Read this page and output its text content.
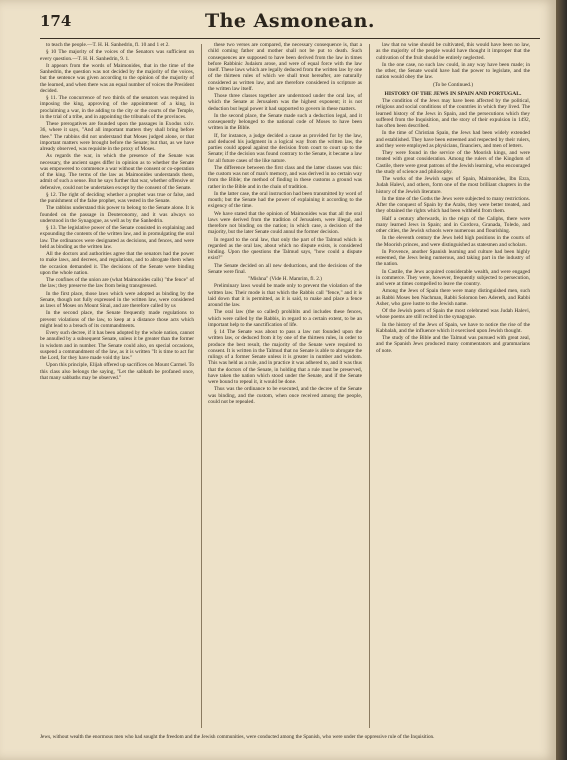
174	The Asmonean.

to teach the people.—T. H. H. Sanhedrin, fl. 10 and 1 et 2.

§ 10 The majority of the voices of the Senators was sufficient on every question.—T. H. H. Sanhedrin, 9. 1.

It appears from the words of Maimonides, that in the time of the Sanhedrin, the question was not decided by the majority of the voices, but the sentence was given according to the opinion of the majority of the learned, and when there was an equal number of voices the President decided.

§ 11. The concurrence of two thirds of the senators was required in imposing the king, approving of the appointment of a king, in proclaiming a war, in the adding to the city or the courts of the Temple, in the trial of a tribe, and in appointing the tribunals of the provinces.

These prerogatives are founded upon the passages in Exodus xxiv. 36, where it says, "And all important matters they shall bring before thee." The rabbins did not understand that Moses judged alone, or that important matters were brought before the Senate; but that, as we have already observed, was requisite in the proxy of Moses.

As regards the war, in which the presence of the Senate was necessary, the ancient sages differ in opinion as to whether the Senate was empowered to commence a war without the consent or co-operation of the king. The terms of the law as Maimonides understands them, admit of such a sense. But he says further that war, whether offensive or defensive, could not be undertaken except by the consent of the Senate.

§ 12. The right of deciding whether a prophet was true or false, and the punishment of the false prophet, was vested in the Senate.

The rabbins understand this power to belong to the Senate alone. It is founded on the passage in Deuteronomy, and it was always so understood in the Synagogue, as well as by the Sanhedrin.

§ 13. The legislative power of the Senate consisted in explaining and expounding the contents of the written law, and in promulgating the oral law. The ordinances were designated as decisions, and fences, and were held as binding as the written law.

All the doctors and authorities agree that the senators had the power to make laws, and decrees, and regulations, and to abrogate them when the occasion demanded it. The decisions of the Senate were binding upon the whole nation.

The confines of the union are (what Maimonides calls) "the fence" of the law; they preserve the law from being transgressed.

In the first place, those laws which were adopted as binding by the Senate, though not fully expressed in the written law, were considered as laws of Moses on Mount Sinai, and are therefore called by us

In the second place, the Senate frequently made regulations to prevent violations of the law, to keep at a distance those acts which might lead to a breach of its commandments.

Every such decree, if it has been adopted by the whole nation, cannot be annulled by a subsequent Senate, unless it be greater than the former in wisdom and in number. The Senate could also, on special occasions, suspend a commandment of the law, as it is written "It is time to act for the Lord, for they have made void thy law."

Upon this principle, Elijah offered up sacrifices on Mount Carmel. To this class also belongs the saying, "Let the sabbath be profaned once, that many sabbaths may be observed."

these two verses are compared, the necessary consequence is, that a child coming father and mother shall not be put to death. Such consequences are supposed to have been derived from the law in times before Rabbinic Judaism arose, and were of equal force with the law itself. These laws which are legally deduced from the written law by one of the thirteen rules of which we shall treat hereafter, are naturally considered as written law, and are therefore considered in scripture as the written law itself.

Those three classes together are understood under the oral law, of which the Senate at Jerusalem was the highest exponent; it is not deduction but legal power it had supported to govern in these matters.

In the second place, the Senate made such a deduction legal, and it consequently belonged to the national code of Moses to have been written in the Bible.

If, for instance, a judge decided a cause as provided for by the law, and deduced his judgment in a logical way from the written law, the parties could appeal against the decision from court to court up to the Senate; if the decision was found contrary to the Senate, it became a law for all future cases of the like nature.

The difference between the first class and the latter classes was this: the custom was not of man's memory, and was derived in no certain way from the Bible; the method of finding in these customs a ground was rather in the Bible and in the chain of tradition.

In the latter case, the oral instruction had been transmitted by word of mouth; but the Senate had the power of explaining it according to the exigency of the time.

We have stated that the opinion of Maimonides was that all the oral laws were derived from the tradition of Jerusalem, were illegal, and therefore not binding on the nation; in which case, a decision of the majority, but the later Senate could annul the former decision.

In regard to the oral law, that only the part of the Talmud which is regarded as the oral law, about which no dispute exists, is considered binding. Upon the questions the Talmud says, "how could a dispute exist?"

The Senate decided on all new deductions, and the decisions of the Senate were final.

"Mishna" (Vide H. Mamrim, fl. 2.)

Preliminary laws would be made only to prevent the violation of the written law. Their mode is that which the Rabbis call "fence," and it is laid down that it is permitted, as it is said, to make and place a fence around the law.

The oral law (the so called) prohibits and includes these fences, which were called by the Rabbis, in regard to a certain extent, to be an important help to the sanctification of life.

§ 14 The Senate was about to pass a law not founded upon the written law, or deduced from it by one of the thirteen rules, in order to produce the best result, the majority of the Senate were required to consent. It is written in the Talmud that no Senate is able to abrogate the rulings of a former Senate unless it is greater in number and wisdom. This was held as a rule, and in practice it was adhered to, and it was thus that the doctors of the Senate, in holding that a rule must be preserved, have taken the nation which stood under the Senate, and if the Senate were bound to repeal it, it would be done.

Thus was the ordinance to be executed, and the decree of the Senate was binding, and the custom, when once received among the people, could not be repealed.

law that no wine should be cultivated, this would have been no law, as the majority of the people would have thought it improper that the cultivation of the fruit should be entirely neglected.

In the one case, no such law could, in any way have been made; in the other, the Senate would have had the power to legislate, and the nation would obey the law.

(To be Continued.)

HISTORY OF THE JEWS IN SPAIN AND PORTUGAL.

The condition of the Jews may have been affected by the political, religious and social conditions of the countries in which they lived. The learned history of the Jews in Spain, and the persecutions which they suffered from the Inquisition, and the story of their expulsion in 1492, has often been described.

In the time of Christian Spain, the Jews had been widely extended and established. They have been esteemed and respected by their rulers, and they were employed as physicians, financiers, and men of letters.

They were found in the service of the Moorish kings, and were treated with great consideration. Among the rulers of the Kingdom of Castile, there were great patrons of the Jewish learning, who encouraged the study of science and philosophy.

The works of the Jewish sages of Spain, Maimonides, Ibn Ezra, Judah Halevi, and others, form one of the most brilliant chapters in the history of the Jewish literature.

In the time of the Goths the Jews were subjected to many restrictions. After the conquest of Spain by the Arabs, they were better treated, and they obtained the rights which had been withheld from them.

Half a century afterwards, in the reign of the Caliphs, there were many learned Jews in Spain; and in Cordova, Granada, Toledo, and other cities, the Jewish schools were numerous and flourishing.

In the eleventh century the Jews held high positions in the courts of the Moorish princes, and were distinguished as statesmen and scholars.

In Provence, another Spanish learning and culture had been highly esteemed, the Jews being numerous, and taking part in the industry of the nation.

In Castile, the Jews acquired considerable wealth, and were engaged in commerce. They were, however, frequently subjected to persecution, and were at times compelled to leave the country.

Among the Jews of Spain there were many distinguished men, such as Rabbi Moses ben Nachman, Rabbi Solomon ben Adereth, and Rabbi Asher, who gave lustre to the Jewish name.

Of the Jewish poets of Spain the most celebrated was Judah Halevi, whose poems are still recited in the synagogue.

In the history of the Jews of Spain, we have to notice the rise of the Kabbalah, and the influence which it exercised upon Jewish thought.

The study of the Bible and the Talmud was pursued with great zeal, and the Spanish Jews produced many commentators and grammarians of note.

Jews, without wealth the enormous men who had sought the freedom and the Jewish communities, were conducted among the Spanish, who were under the oppressive rule of the Inquisition.
